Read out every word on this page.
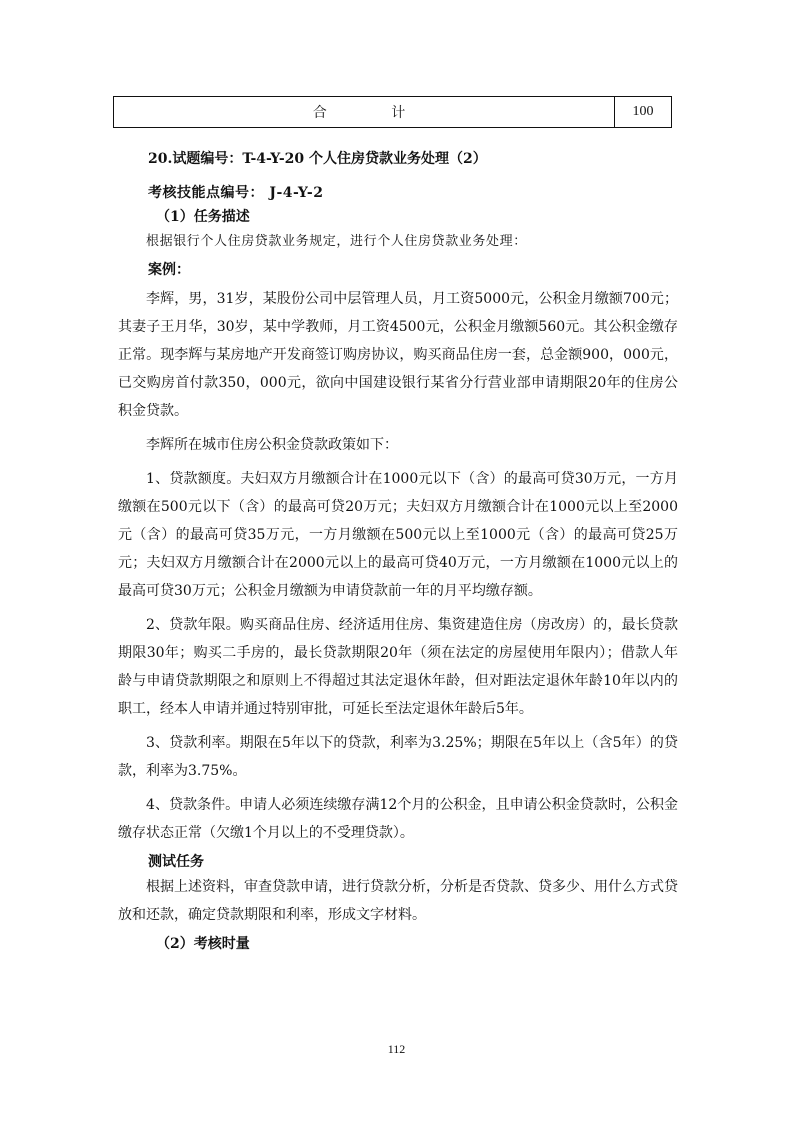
合 计	100
20.试题编号：T-4-Y-20 个人住房贷款业务处理（2）
考核技能点编号： J-4-Y-2
（1）任务描述
根据银行个人住房贷款业务规定，进行个人住房贷款业务处理：
案例：

李辉，男，31岁，某股份公司中层管理人员，月工资5000元，公积金月缴额700元；其妻子王月华，30岁，某中学教师，月工资4500元，公积金月缴额560元。其公积金缴存正常。现李辉与某房地产开发商签订购房协议，购买商品住房一套，总金额900，000元，已交购房首付款350，000元，欲向中国建设银行某省分行营业部申请期限20年的住房公积金贷款。

李辉所在城市住房公积金贷款政策如下：

1、贷款额度。夫妇双方月缴额合计在1000元以下（含）的最高可贷30万元，一方月缴额在500元以下（含）的最高可贷20万元；夫妇双方月缴额合计在1000元以上至2000元（含）的最高可贷35万元，一方月缴额在500元以上至1000元（含）的最高可贷25万元；夫妇双方月缴额合计在2000元以上的最高可贷40万元，一方月缴额在1000元以上的最高可贷30万元；公积金月缴额为申请贷款前一年的月平均缴存额。

2、贷款年限。购买商品住房、经济适用住房、集资建造住房（房改房）的，最长贷款期限30年；购买二手房的，最长贷款期限20年（须在法定的房屋使用年限内）；借款人年龄与申请贷款期限之和原则上不得超过其法定退休年龄，但对距法定退休年龄10年以内的职工，经本人申请并通过特别审批，可延长至法定退休年龄后5年。

3、贷款利率。期限在5年以下的贷款，利率为3.25%；期限在5年以上（含5年）的贷款，利率为3.75%。

4、贷款条件。申请人必须连续缴存满12个月的公积金，且申请公积金贷款时，公积金缴存状态正常（欠缴1个月以上的不受理贷款）。

测试任务

根据上述资料，审查贷款申请，进行贷款分析，分析是否贷款、贷多少、用什么方式贷放和还款，确定贷款期限和利率，形成文字材料。

（2）考核时量
112
